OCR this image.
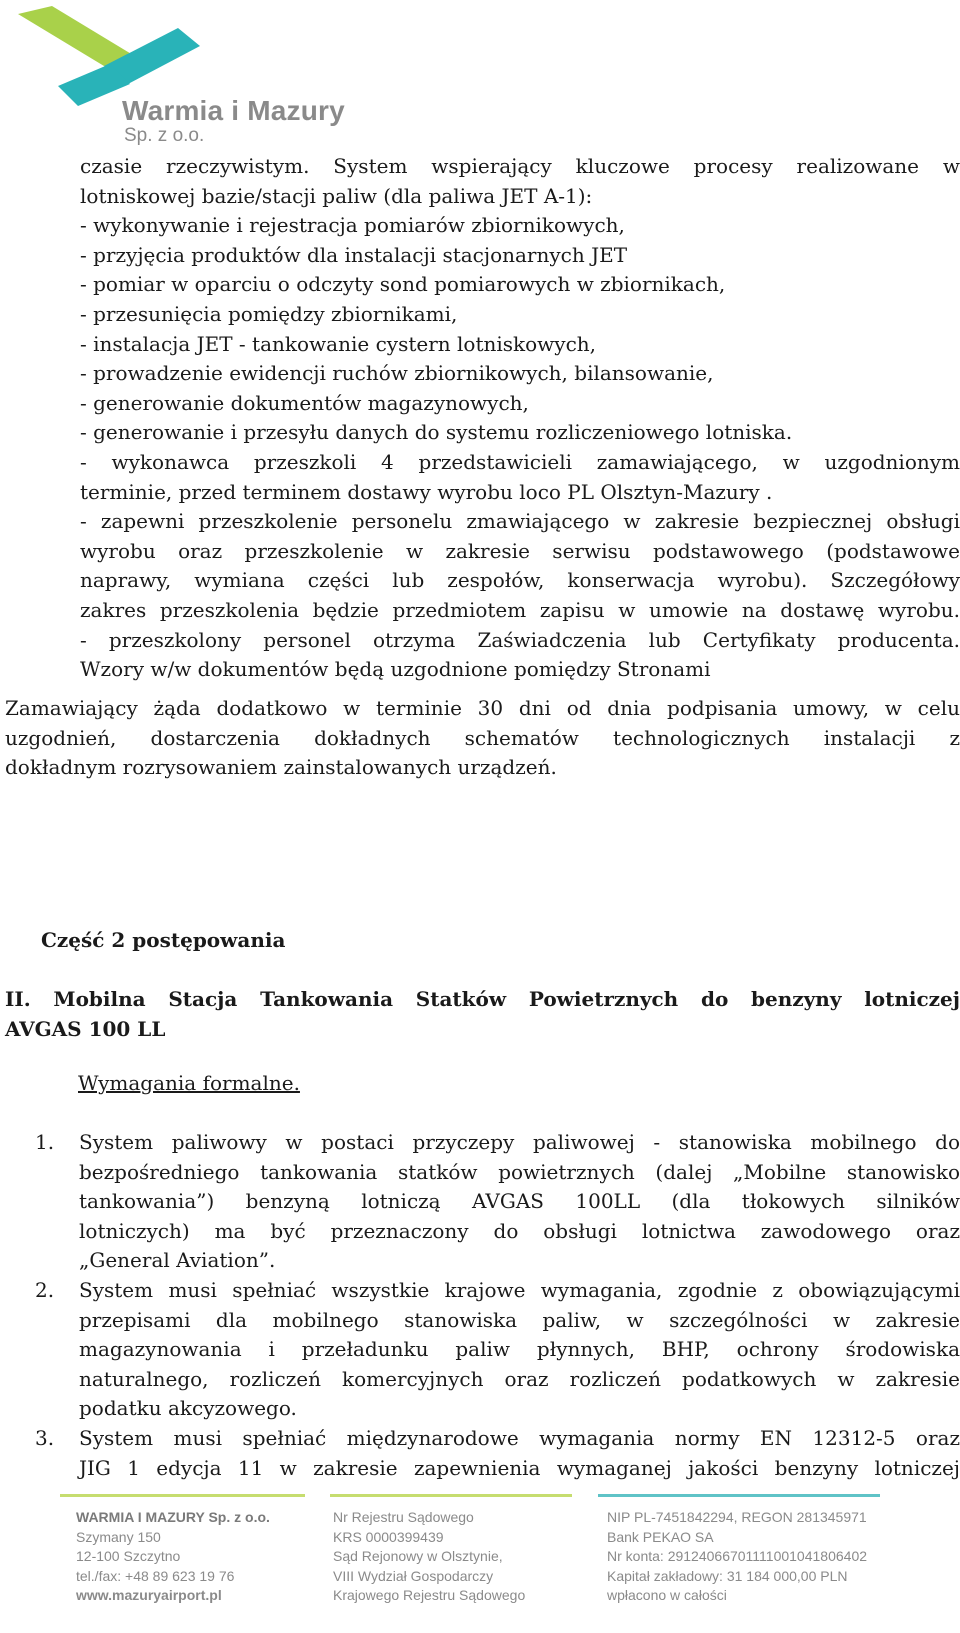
Warmia i Mazury
Sp. z o.o.
czasie rzeczywistym. System wspierający kluczowe procesy realizowane w
lotniskowej bazie/stacji paliw (dla paliwa JET A-1):
- wykonywanie i rejestracja pomiarów zbiornikowych,
- przyjęcia produktów dla instalacji stacjonarnych JET
- pomiar w oparciu o odczyty sond pomiarowych w zbiornikach,
- przesunięcia pomiędzy zbiornikami,
- instalacja JET - tankowanie cystern lotniskowych,
- prowadzenie ewidencji ruchów zbiornikowych, bilansowanie,
- generowanie dokumentów magazynowych,
- generowanie i przesyłu danych do systemu rozliczeniowego lotniska.
- wykonawca przeszkoli 4 przedstawicieli zamawiającego, w uzgodnionym
terminie, przed terminem dostawy wyrobu loco PL Olsztyn-Mazury .
- zapewni przeszkolenie personelu zmawiającego w zakresie bezpiecznej obsługi
wyrobu oraz przeszkolenie w zakresie serwisu podstawowego (podstawowe
naprawy, wymiana części lub zespołów, konserwacja wyrobu). Szczegółowy
zakres przeszkolenia będzie przedmiotem zapisu w umowie na dostawę wyrobu.
- przeszkolony personel otrzyma Zaświadczenia lub Certyfikaty producenta.
Wzory w/w dokumentów będą uzgodnione pomiędzy Stronami
Zamawiający żąda dodatkowo w terminie 30 dni od dnia podpisania umowy, w celu
uzgodnień, dostarczenia dokładnych schematów technologicznych instalacji z
dokładnym rozrysowaniem zainstalowanych urządzeń.
Część 2 postępowania
II. Mobilna Stacja Tankowania Statków Powietrznych do benzyny lotniczej
AVGAS 100 LL
Wymagania formalne.
1. System paliwowy w postaci przyczepy paliwowej - stanowiska mobilnego do
bezpośredniego tankowania statków powietrznych (dalej „Mobilne stanowisko
tankowania”) benzyną lotniczą AVGAS 100LL (dla tłokowych silników
lotniczych) ma być przeznaczony do obsługi lotnictwa zawodowego oraz
„General Aviation”.
2. System musi spełniać wszystkie krajowe wymagania, zgodnie z obowiązującymi
przepisami dla mobilnego stanowiska paliw, w szczególności w zakresie
magazynowania i przeładunku paliw płynnych, BHP, ochrony środowiska
naturalnego, rozliczeń komercyjnych oraz rozliczeń podatkowych w zakresie
podatku akcyzowego.
3. System musi spełniać międzynarodowe wymagania normy EN 12312-5 oraz
JIG 1 edycja 11 w zakresie zapewnienia wymaganej jakości benzyny lotniczej
WARMIA I MAZURY Sp. z o.o.
Szymany 150
12-100 Szczytno
tel./fax: +48 89 623 19 76
www.mazuryairport.pl
Nr Rejestru Sądowego
KRS 0000399439
Sąd Rejonowy w Olsztynie,
VIII Wydział Gospodarczy
Krajowego Rejestru Sądowego
NIP PL-7451842294, REGON 281345971
Bank PEKAO SA
Nr konta: 29124066701111001041806402
Kapitał zakładowy: 31 184 000,00 PLN
wpłacono w całości
